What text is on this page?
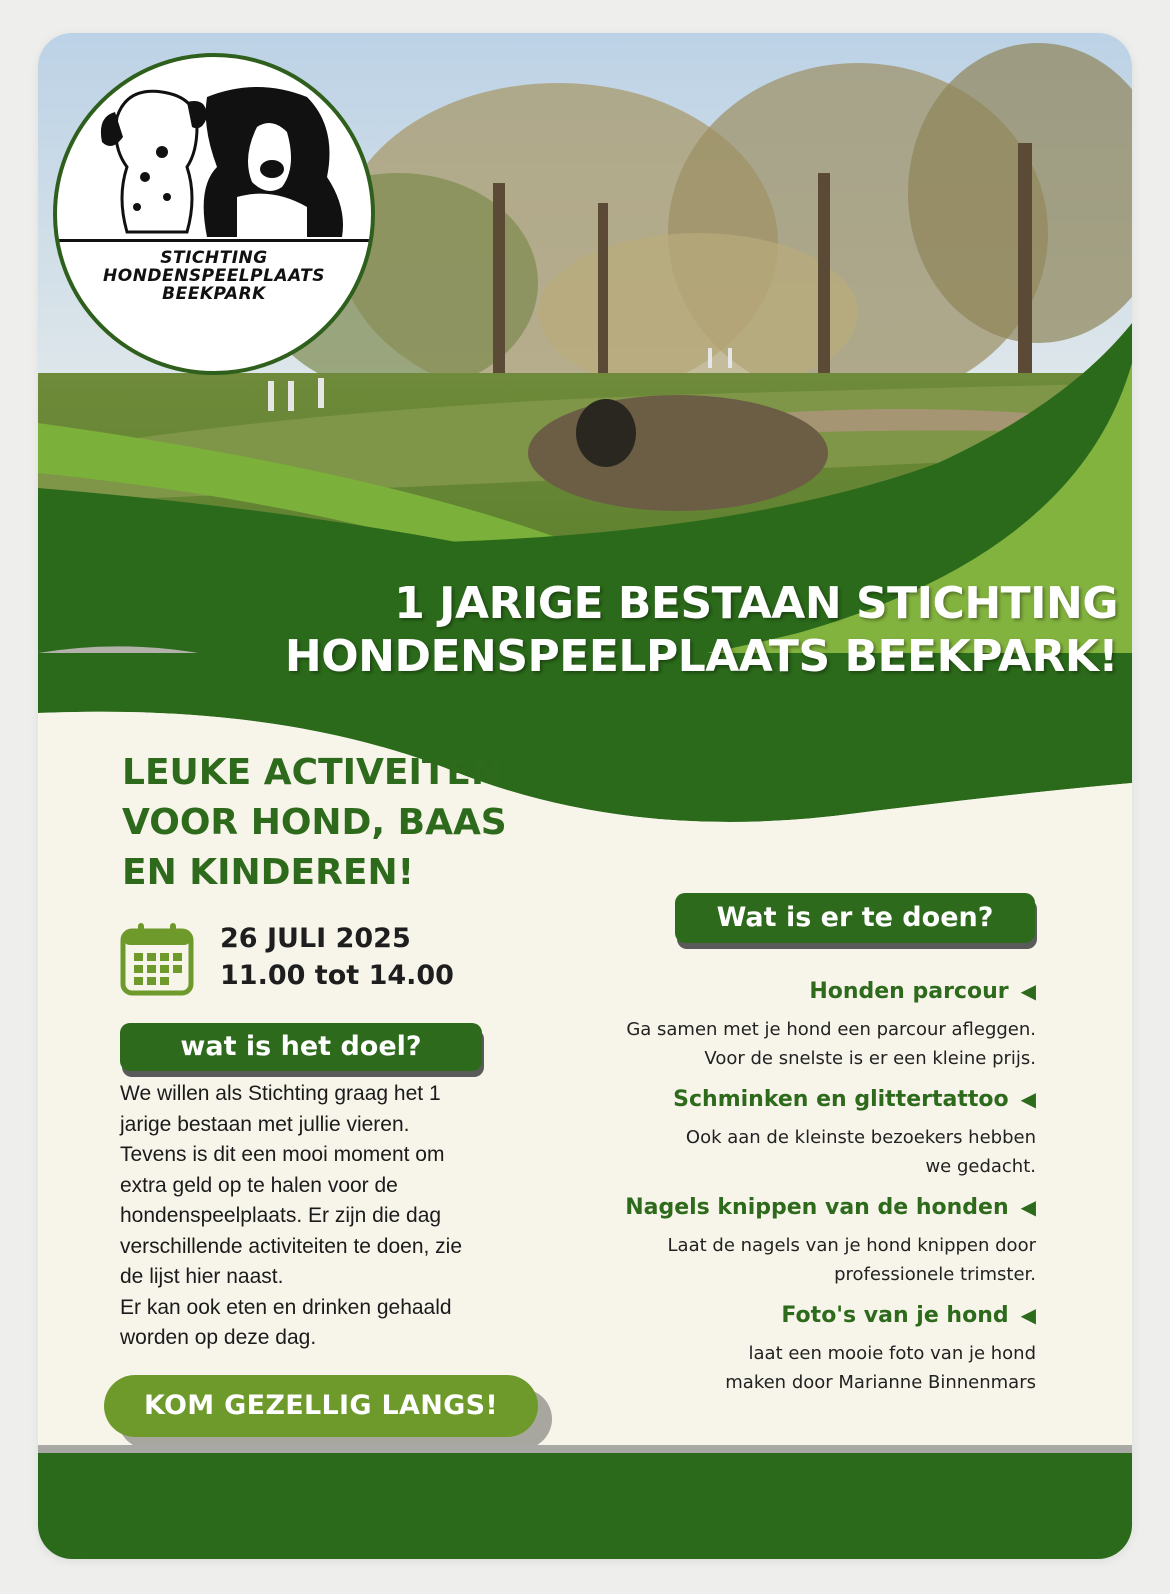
STICHTING
HONDENSPEELPLAATS
BEEKPARK
1 JARIGE BESTAAN STICHTING
HONDENSPEELPLAATS BEEKPARK!
LEUKE ACTIVEITEN
VOOR HOND, BAAS
EN KINDEREN!
26 JULI 2025
11.00 tot 14.00
wat is het doel?
We willen als Stichting graag het 1
jarige bestaan met jullie vieren.
Tevens is dit een mooi moment om
extra geld op te halen voor de
hondenspeelplaats. Er zijn die dag
verschillende activiteiten te doen, zie
de lijst hier naast.
Er kan ook eten en drinken gehaald
worden op deze dag.
KOM GEZELLIG LANGS!
Wat is er te doen?
Honden parcour ◀
Ga samen met je hond een parcour afleggen.
Voor de snelste is er een kleine prijs.
Schminken en glittertattoo ◀
Ook aan de kleinste bezoekers hebben
we gedacht.
Nagels knippen van de honden ◀
Laat de nagels van je hond knippen door
professionele trimster.
Foto's van je hond ◀
laat een mooie foto van je hond
maken door Marianne Binnenmars
